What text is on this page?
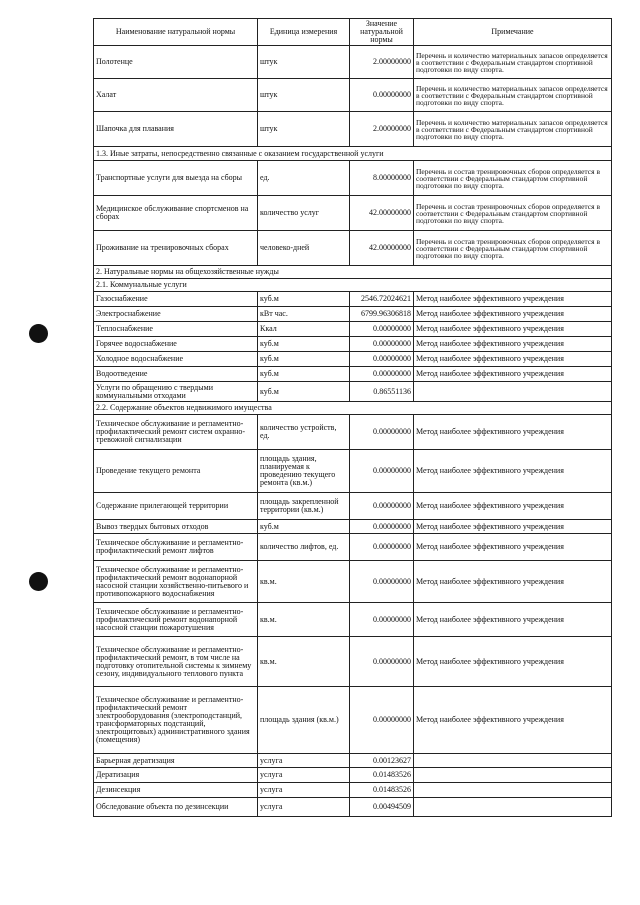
Наименование натуральной нормы	Единица измерения	Значение натуральной нормы	Примечание
Полотенце	штук	2.00000000	Перечень и количество материальных запасов определяется в соответствии с Федеральным стандартом спортивной подготовки по виду спорта.
Халат	штук	0.00000000	Перечень и количество материальных запасов определяется в соответствии с Федеральным стандартом спортивной подготовки по виду спорта.
Шапочка для плавания	штук	2.00000000	Перечень и количество материальных запасов определяется в соответствии с Федеральным стандартом спортивной подготовки по виду спорта.
1.3. Иные затраты, непосредственно связанные с оказанием государственной услуги			
Транспортные услуги для выезда на сборы	ед.	8.00000000	Перечень и состав тренировочных сборов определяется в соответствии с Федеральным стандартом спортивной подготовки по виду спорта.
Медицинское обслуживание спортсменов на сборах	количество услуг	42.00000000	Перечень и состав тренировочных сборов определяется в соответствии с Федеральным стандартом спортивной подготовки по виду спорта.
Проживание на тренировочных сборах	человеко-дней	42.00000000	Перечень и состав тренировочных сборов определяется в соответствии с Федеральным стандартом спортивной подготовки по виду спорта.
2. Натуральные нормы на общехозяйственные нужды			
2.1. Коммунальные услуги			
Газоснабжение	куб.м	2546.72024621	Метод наиболее эффективного учреждения
Электроснабжение	кВт час.	6799.96306818	Метод наиболее эффективного учреждения
Теплоснабжение	Ккал	0.00000000	Метод наиболее эффективного учреждения
Горячее водоснабжение	куб.м	0.00000000	Метод наиболее эффективного учреждения
Холодное водоснабжение	куб.м	0.00000000	Метод наиболее эффективного учреждения
Водоотведение	куб.м	0.00000000	Метод наиболее эффективного учреждения
Услуги по обращению с твердыми коммунальными отходами	куб.м	0.86551136	
2.2. Содержание объектов недвижимого имущества			
Техническое обслуживание и регламентно-профилактический ремонт систем охранно-тревожной сигнализации	количество устройств, ед.	0.00000000	Метод наиболее эффективного учреждения
Проведение текущего ремонта	площадь здания, планируемая к проведению текущего ремонта (кв.м.)	0.00000000	Метод наиболее эффективного учреждения
Содержание прилегающей территории	площадь закрепленной территории (кв.м.)	0.00000000	Метод наиболее эффективного учреждения
Вывоз твердых бытовых отходов	куб.м	0.00000000	Метод наиболее эффективного учреждения
Техническое обслуживание и регламентно-профилактический ремонт лифтов	количество лифтов, ед.	0.00000000	Метод наиболее эффективного учреждения
Техническое обслуживание и регламентно-профилактический ремонт водонапорной насосной станции хозяйственно-питьевого и противопожарного водоснабжения	кв.м.	0.00000000	Метод наиболее эффективного учреждения
Техническое обслуживание и регламентно-профилактический ремонт водонапорной насосной станции пожаротушения	кв.м.	0.00000000	Метод наиболее эффективного учреждения
Техническое обслуживание и регламентно-профилактический ремонт, в том числе на подготовку отопительной системы к зимнему сезону, индивидуального теплового пункта	кв.м.	0.00000000	Метод наиболее эффективного учреждения
Техническое обслуживание и регламентно-профилактический ремонт электрооборудования (электроподстанций, трансформаторных подстанций, электрощитовых) административного здания (помещения)	площадь здания (кв.м.)	0.00000000	Метод наиболее эффективного учреждения
Барьерная дератизация	услуга	0.00123627	
Дератизация	услуга	0.01483526	
Дезинсекция	услуга	0.01483526	
Обследование объекта по дезинсекции	услуга	0.00494509	
